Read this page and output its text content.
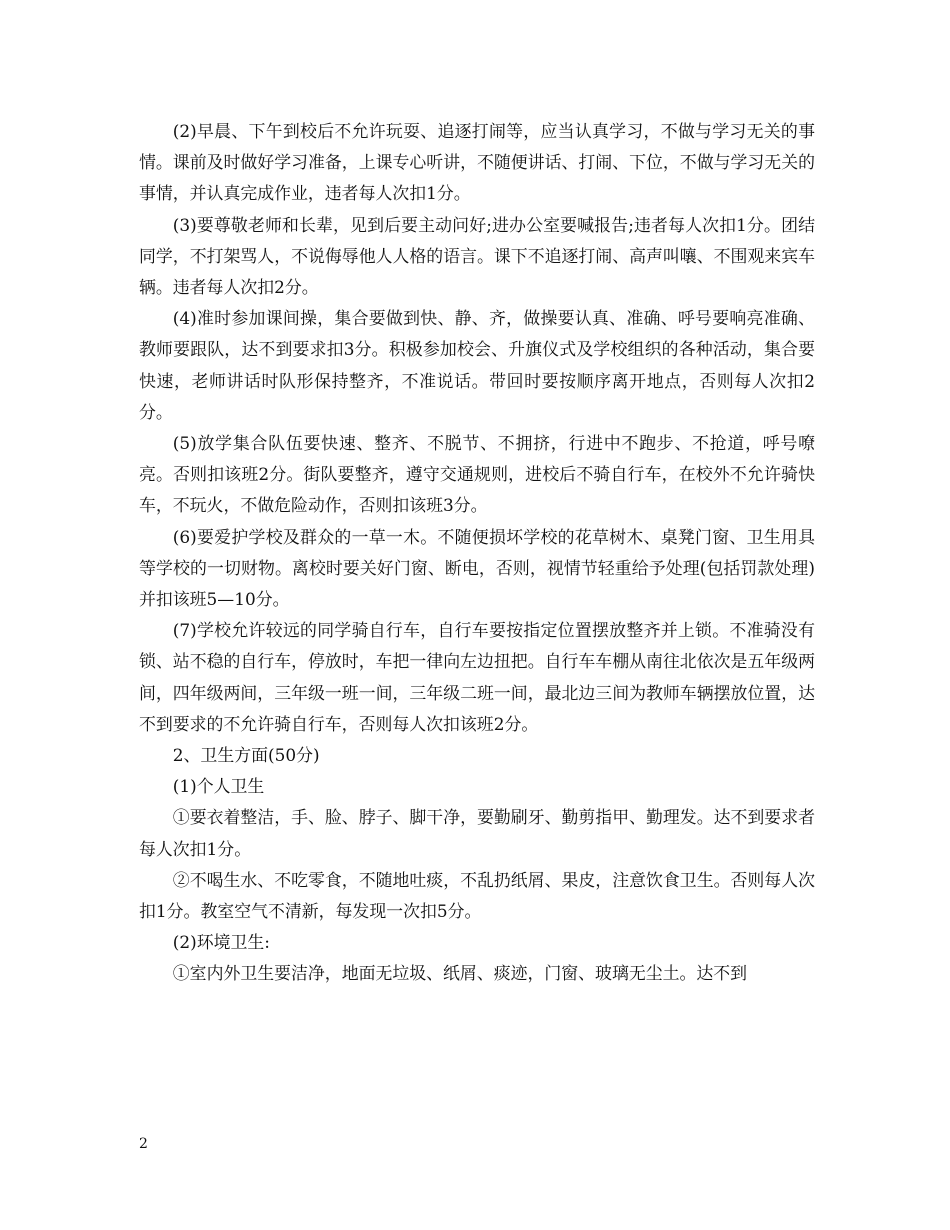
(2)早晨、下午到校后不允许玩耍、追逐打闹等，应当认真学习，不做与学习无关的事情。课前及时做好学习准备，上课专心听讲，不随便讲话、打闹、下位，不做与学习无关的事情，并认真完成作业，违者每人次扣1分。

(3)要尊敬老师和长辈，见到后要主动问好;进办公室要喊报告;违者每人次扣1分。团结同学，不打架骂人，不说侮辱他人人格的语言。课下不追逐打闹、高声叫嚷、不围观来宾车辆。违者每人次扣2分。

(4)准时参加课间操，集合要做到快、静、齐，做操要认真、准确、呼号要响亮准确、教师要跟队，达不到要求扣3分。积极参加校会、升旗仪式及学校组织的各种活动，集合要快速，老师讲话时队形保持整齐，不准说话。带回时要按顺序离开地点，否则每人次扣2分。

(5)放学集合队伍要快速、整齐、不脱节、不拥挤，行进中不跑步、不抢道，呼号嘹亮。否则扣该班2分。街队要整齐，遵守交通规则，进校后不骑自行车，在校外不允许骑快车，不玩火，不做危险动作，否则扣该班3分。

(6)要爱护学校及群众的一草一木。不随便损坏学校的花草树木、桌凳门窗、卫生用具等学校的一切财物。离校时要关好门窗、断电，否则，视情节轻重给予处理(包括罚款处理)并扣该班5—10分。

(7)学校允许较远的同学骑自行车，自行车要按指定位置摆放整齐并上锁。不准骑没有锁、站不稳的自行车，停放时，车把一律向左边扭把。自行车车棚从南往北依次是五年级两间，四年级两间，三年级一班一间，三年级二班一间，最北边三间为教师车辆摆放位置，达不到要求的不允许骑自行车，否则每人次扣该班2分。

2、卫生方面(50分)

(1)个人卫生

①要衣着整洁，手、脸、脖子、脚干净，要勤刷牙、勤剪指甲、勤理发。达不到要求者每人次扣1分。

②不喝生水、不吃零食，不随地吐痰，不乱扔纸屑、果皮，注意饮食卫生。否则每人次扣1分。教室空气不清新，每发现一次扣5分。

(2)环境卫生:

①室内外卫生要洁净，地面无垃圾、纸屑、痰迹，门窗、玻璃无尘土。达不到

2
